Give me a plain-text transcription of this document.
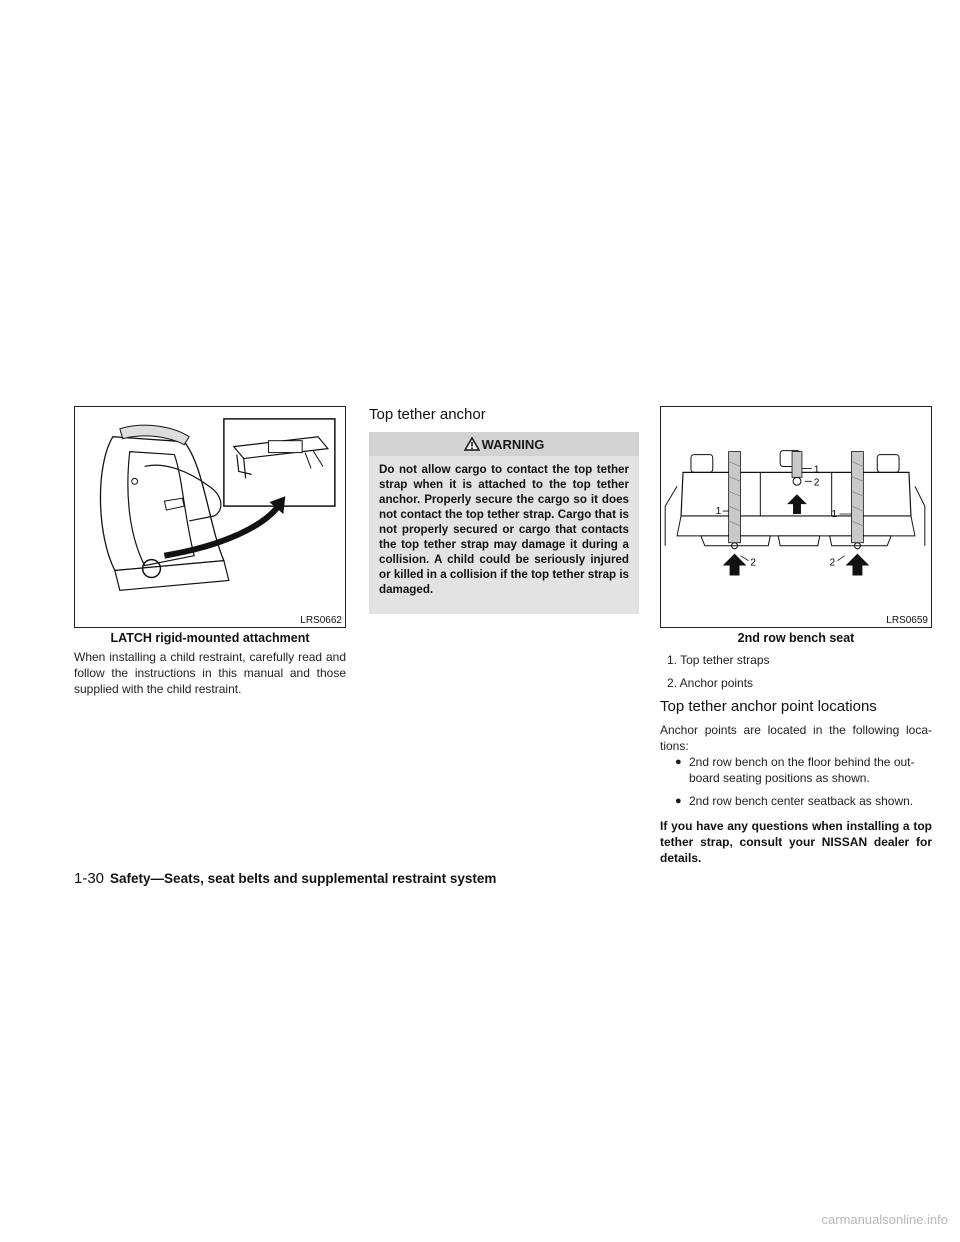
LRS0662
LATCH rigid-mounted attachment
When installing a child restraint, carefully read and follow the instructions in this manual and those supplied with the child restraint.
Top tether anchor
WARNING
Do not allow cargo to contact the top tether strap when it is attached to the top tether anchor. Properly secure the cargo so it does not contact the top tether strap. Cargo that is not properly secured or cargo that contacts the top tether strap may damage it during a collision. A child could be seriously injured or killed in a collision if the top tether strap is damaged.
1
2
1	1
2	2
LRS0659
2nd row bench seat
1. Top tether straps
2. Anchor points
Top tether anchor point locations
Anchor points are located in the following loca-tions:
● 2nd row bench on the floor behind the out-board seating positions as shown.
● 2nd row bench center seatback as shown.
If you have any questions when installing a top tether strap, consult your NISSAN dealer for details.
1-30 Safety—Seats, seat belts and supplemental restraint system
carmanualsonline.info
